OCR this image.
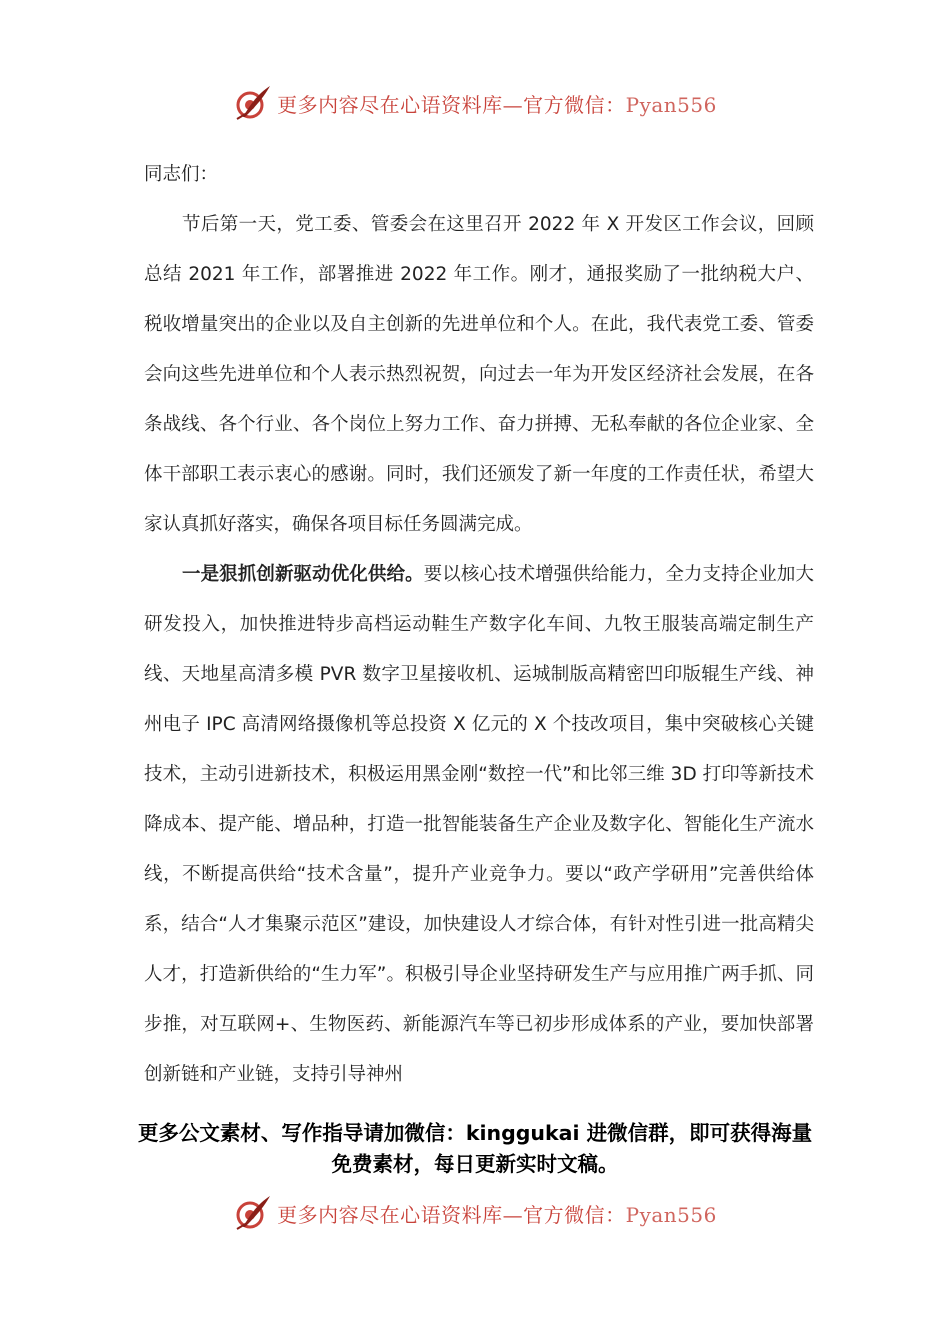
更多内容尽在心语资料库—官方微信：Pyan556

同志们：

节后第一天，党工委、管委会在这里召开 2022 年 X 开发区工作会议，回顾总结 2021 年工作，部署推进 2022 年工作。刚才，通报奖励了一批纳税大户、税收增量突出的企业以及自主创新的先进单位和个人。在此，我代表党工委、管委会向这些先进单位和个人表示热烈祝贺，向过去一年为开发区经济社会发展，在各条战线、各个行业、各个岗位上努力工作、奋力拼搏、无私奉献的各位企业家、全体干部职工表示衷心的感谢。同时，我们还颁发了新一年度的工作责任状，希望大家认真抓好落实，确保各项目标任务圆满完成。

一是狠抓创新驱动优化供给。要以核心技术增强供给能力，全力支持企业加大研发投入，加快推进特步高档运动鞋生产数字化车间、九牧王服装高端定制生产线、天地星高清多模 PVR 数字卫星接收机、运城制版高精密凹印版辊生产线、神州电子 IPC 高清网络摄像机等总投资 X 亿元的 X 个技改项目，集中突破核心关键技术，主动引进新技术，积极运用黑金刚“数控一代”和比邻三维 3D 打印等新技术降成本、提产能、增品种，打造一批智能装备生产企业及数字化、智能化生产流水线，不断提高供给“技术含量”，提升产业竞争力。要以“政产学研用”完善供给体系，结合“人才集聚示范区”建设，加快建设人才综合体，有针对性引进一批高精尖人才，打造新供给的“生力军”。积极引导企业坚持研发生产与应用推广两手抓、同步推，对互联网+、生物医药、新能源汽车等已初步形成体系的产业，要加快部署创新链和产业链，支持引导神州

更多公文素材、写作指导请加微信：kinggukai 进微信群，即可获得海量免费素材，每日更新实时文稿。
更多内容尽在心语资料库—官方微信：Pyan556
